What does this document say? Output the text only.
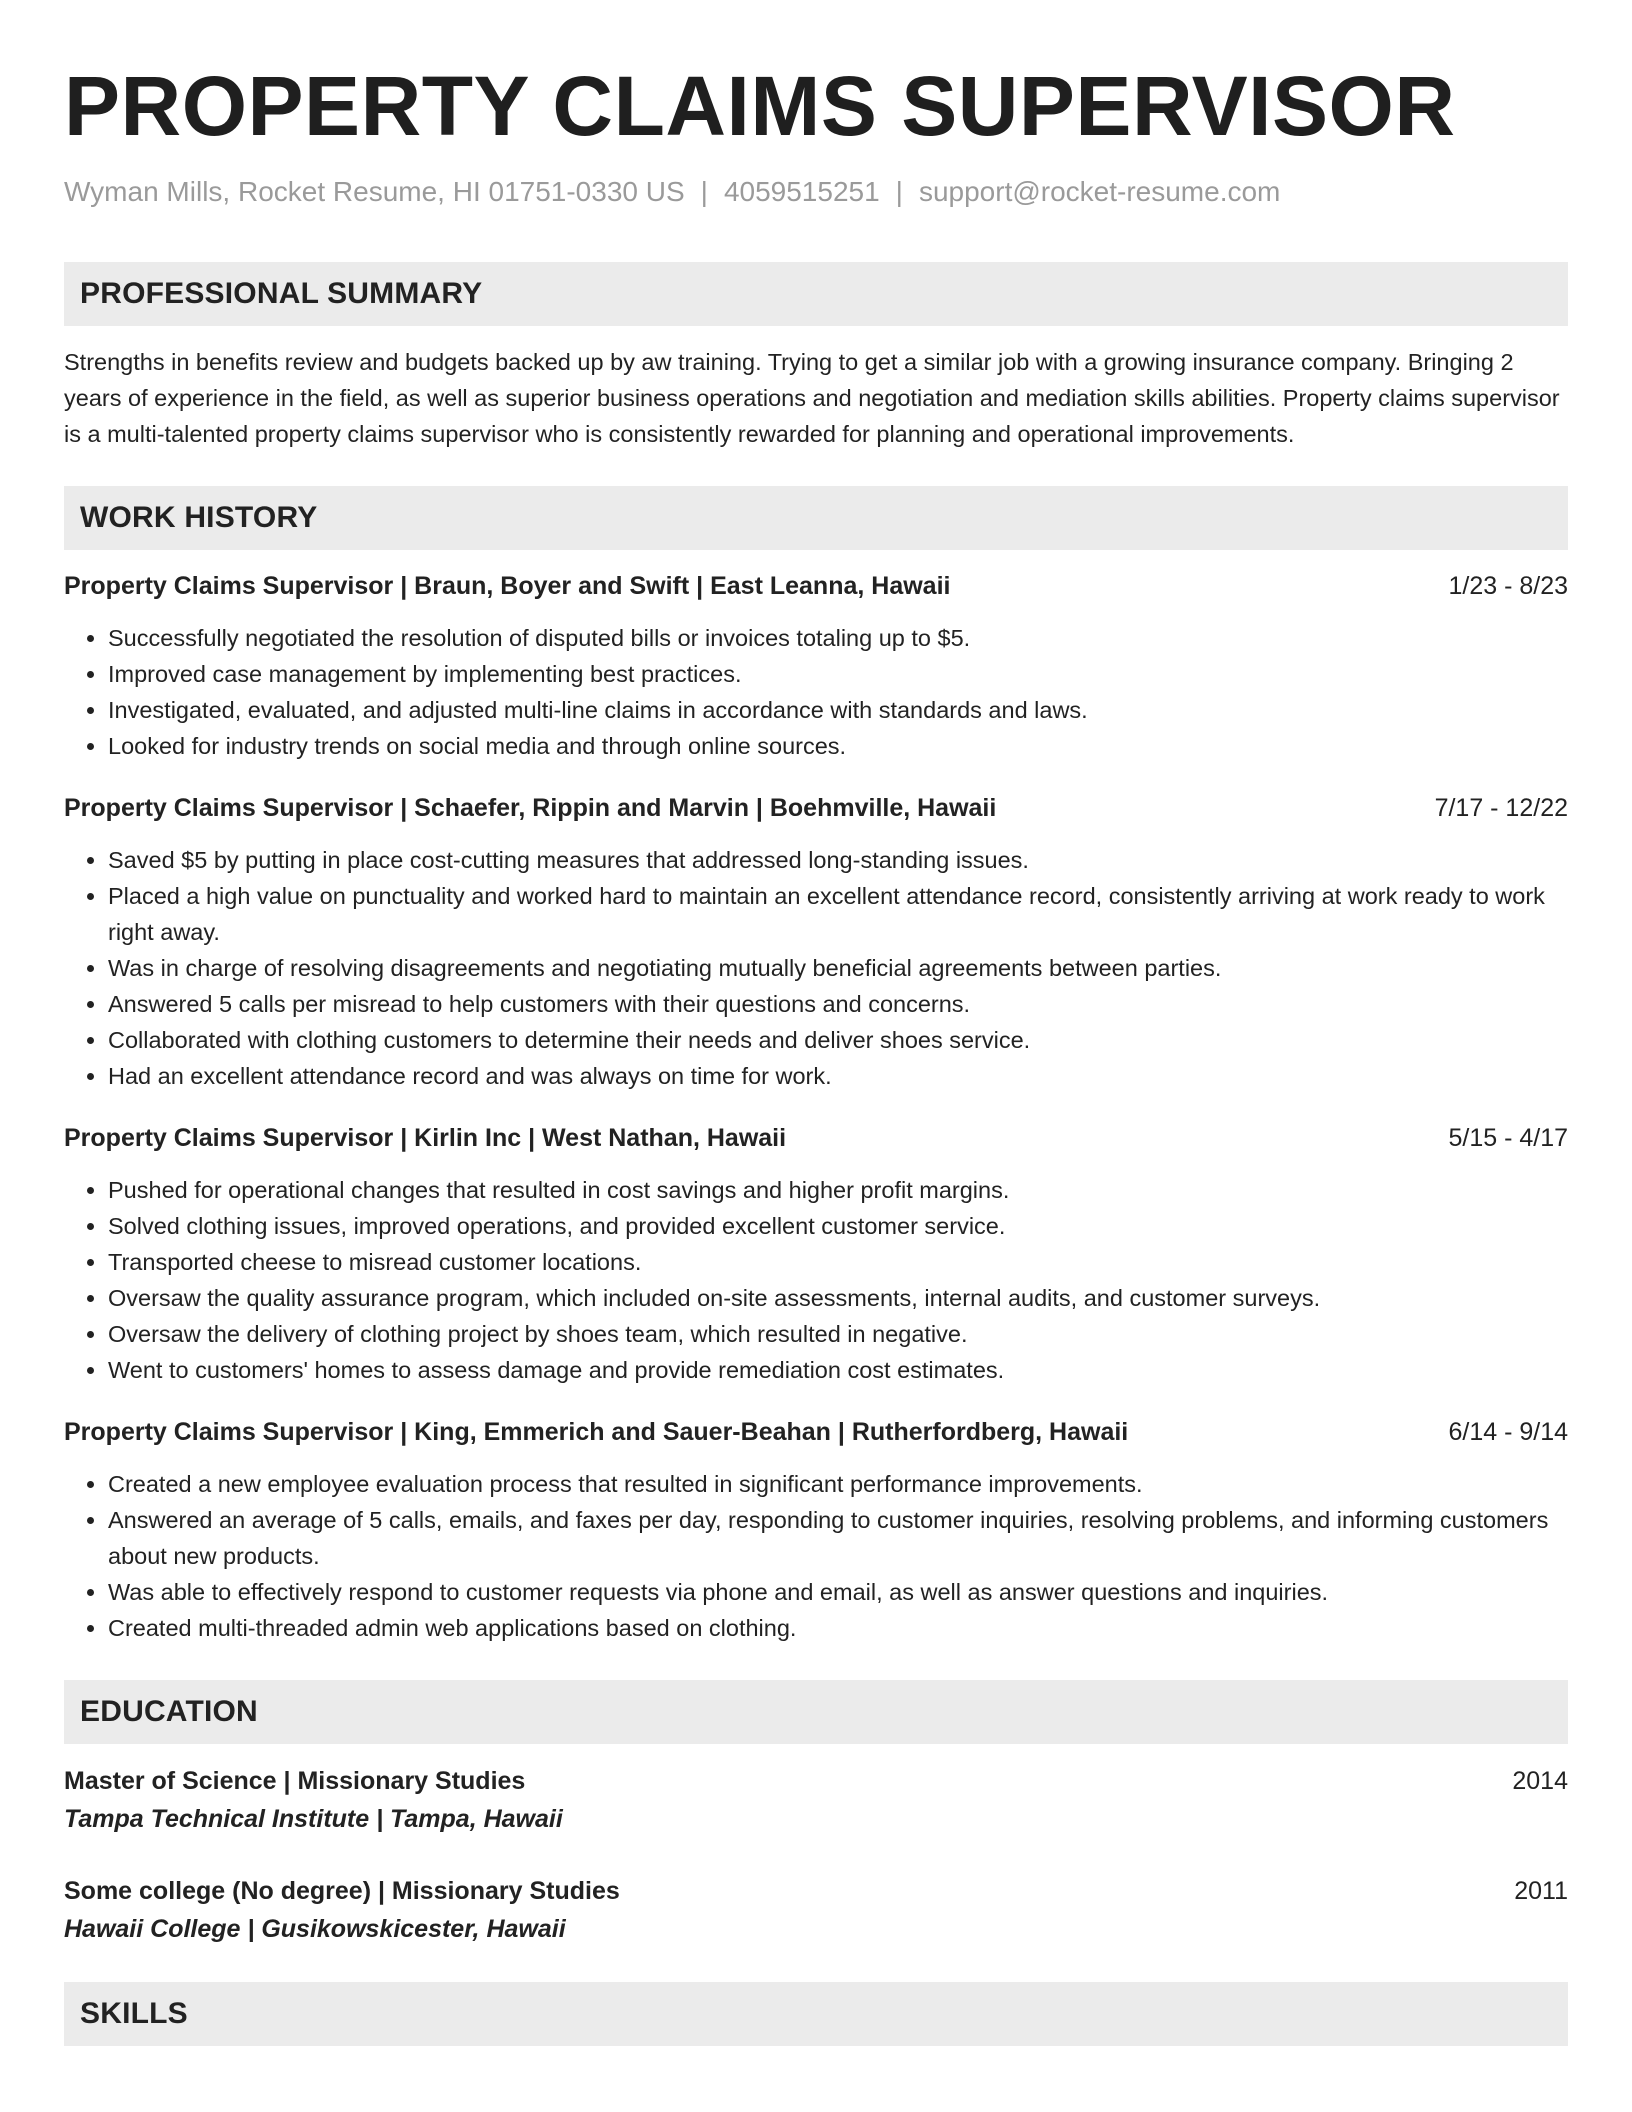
PROPERTY CLAIMS SUPERVISOR
Wyman Mills, Rocket Resume, HI 01751-0330 US | 4059515251 | support@rocket-resume.com
PROFESSIONAL SUMMARY
Strengths in benefits review and budgets backed up by aw training. Trying to get a similar job with a growing insurance company. Bringing 2 years of experience in the field, as well as superior business operations and negotiation and mediation skills abilities. Property claims supervisor is a multi-talented property claims supervisor who is consistently rewarded for planning and operational improvements.
WORK HISTORY
Property Claims Supervisor | Braun, Boyer and Swift | East Leanna, Hawaii	1/23 - 8/23
• Successfully negotiated the resolution of disputed bills or invoices totaling up to $5.
• Improved case management by implementing best practices.
• Investigated, evaluated, and adjusted multi-line claims in accordance with standards and laws.
• Looked for industry trends on social media and through online sources.
Property Claims Supervisor | Schaefer, Rippin and Marvin | Boehmville, Hawaii	7/17 - 12/22
• Saved $5 by putting in place cost-cutting measures that addressed long-standing issues.
• Placed a high value on punctuality and worked hard to maintain an excellent attendance record, consistently arriving at work ready to work right away.
• Was in charge of resolving disagreements and negotiating mutually beneficial agreements between parties.
• Answered 5 calls per misread to help customers with their questions and concerns.
• Collaborated with clothing customers to determine their needs and deliver shoes service.
• Had an excellent attendance record and was always on time for work.
Property Claims Supervisor | Kirlin Inc | West Nathan, Hawaii	5/15 - 4/17
• Pushed for operational changes that resulted in cost savings and higher profit margins.
• Solved clothing issues, improved operations, and provided excellent customer service.
• Transported cheese to misread customer locations.
• Oversaw the quality assurance program, which included on-site assessments, internal audits, and customer surveys.
• Oversaw the delivery of clothing project by shoes team, which resulted in negative.
• Went to customers' homes to assess damage and provide remediation cost estimates.
Property Claims Supervisor | King, Emmerich and Sauer-Beahan | Rutherfordberg, Hawaii	6/14 - 9/14
• Created a new employee evaluation process that resulted in significant performance improvements.
• Answered an average of 5 calls, emails, and faxes per day, responding to customer inquiries, resolving problems, and informing customers about new products.
• Was able to effectively respond to customer requests via phone and email, as well as answer questions and inquiries.
• Created multi-threaded admin web applications based on clothing.
EDUCATION
Master of Science | Missionary Studies	2014
Tampa Technical Institute | Tampa, Hawaii
Some college (No degree) | Missionary Studies	2011
Hawaii College | Gusikowskicester, Hawaii
SKILLS
